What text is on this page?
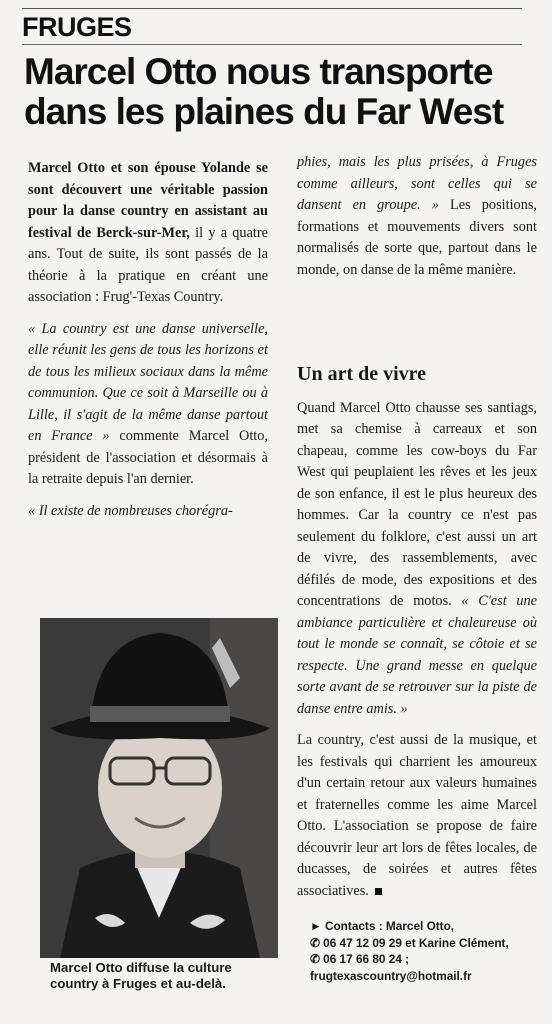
FRUGES
Marcel Otto nous transporte dans les plaines du Far West

Marcel Otto et son épouse Yolande se sont découvert une véritable passion pour la danse country en assistant au festival de Berck-sur-Mer, il y a quatre ans. Tout de suite, ils sont passés de la théorie à la pratique en créant une association : Frug'-Texas Country.

« La country est une danse universelle, elle réunit les gens de tous les horizons et de tous les milieux sociaux dans la même communion. Que ce soit à Marseille ou à Lille, il s'agit de la même danse partout en France » commente Marcel Otto, président de l'association et désormais à la retraite depuis l'an dernier.

« Il existe de nombreuses chorégra-

phies, mais les plus prisées, à Fruges comme ailleurs, sont celles qui se dansent en groupe. » Les positions, formations et mouvements divers sont normalisés de sorte que, partout dans le monde, on danse de la même manière.

Un art de vivre

Quand Marcel Otto chausse ses santiags, met sa chemise à carreaux et son chapeau, comme les cow-boys du Far West qui peuplaient les rêves et les jeux de son enfance, il est le plus heureux des hommes. Car la country ce n'est pas seulement du folklore, c'est aussi un art de vivre, des rassemblements, avec défilés de mode, des expositions et des concentrations de motos. « C'est une ambiance particulière et chaleureuse où tout le monde se connaît, se côtoie et se respecte. Une grand messe en quelque sorte avant de se retrouver sur la piste de danse entre amis. »

La country, c'est aussi de la musique, et les festivals qui charrient les amoureux d'un certain retour aux valeurs humaines et fraternelles comme les aime Marcel Otto. L'association se propose de faire découvrir leur art lors de fêtes locales, de ducasses, de soirées et autres fêtes associatives.

Marcel Otto diffuse la culture country à Fruges et au-delà.
► Contacts : Marcel Otto,
✆ 06 47 12 09 29 et Karine Clément,
✆ 06 17 66 80 24 ;
frugtexascountry@hotmail.fr
